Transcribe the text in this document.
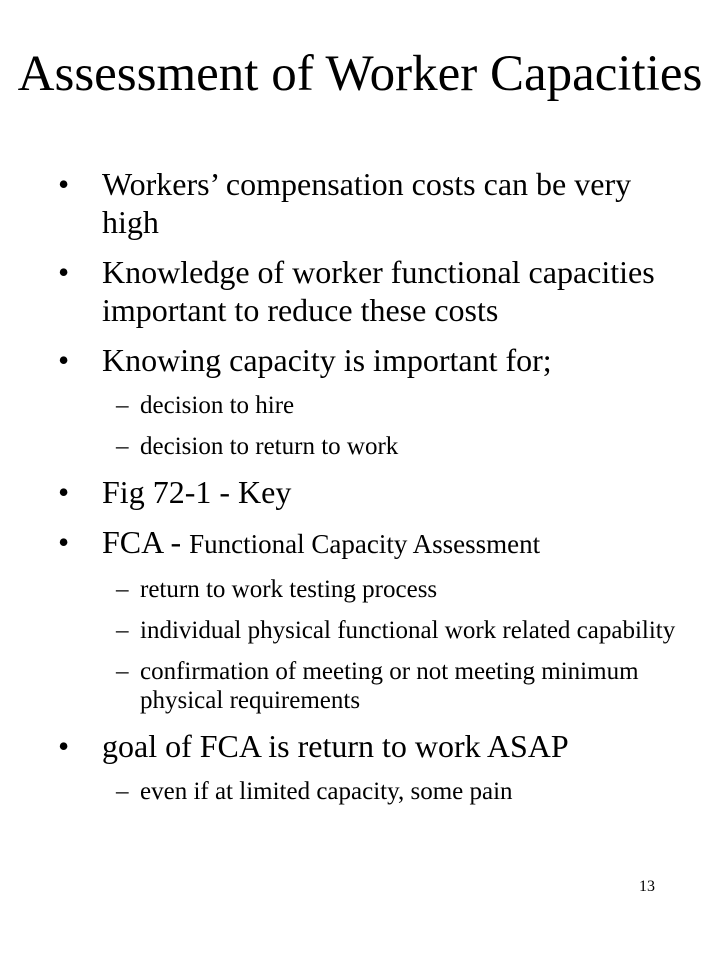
Assessment of Worker Capacities
•	Workers’ compensation costs can be very high
•	Knowledge of worker functional capacities important to reduce these costs
•	Knowing capacity is important for;
– decision to hire
– decision to return to work
•	Fig 72-1 - Key
•	FCA - Functional Capacity Assessment
– return to work testing process
– individual physical functional work related capability
– confirmation of meeting or not meeting minimum physical requirements
•	goal of FCA is return to work ASAP
– even if at limited capacity, some pain
13
